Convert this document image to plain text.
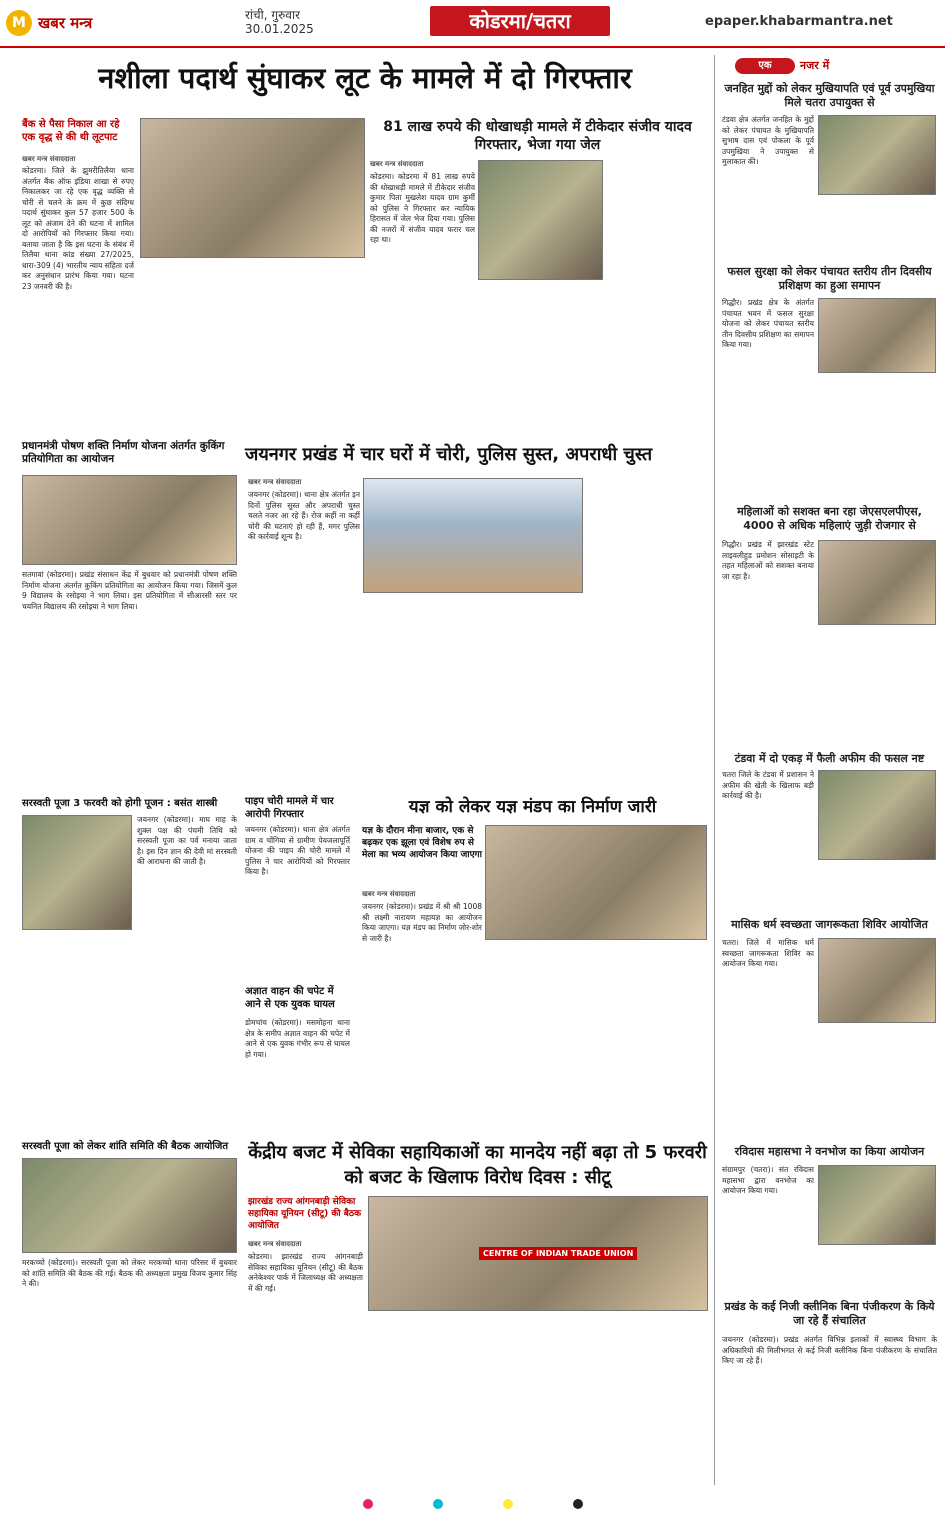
M खबर मन्त्र	रांची, गुरुवार
30.01.2025	कोडरमा/चतरा	epaper.khabarmantra.net
नशीला पदार्थ सुंघाकर लूट के मामले में दो गिरफ्तार
बैंक से पैसा निकाल आ रहे एक वृद्ध से की थी लूटपाट
खबर मन्त्र संवाददाता
कोडरमा। जिले के झुमरीतिलैया थाना अंतर्गत बैंक ऑफ इंडिया शाखा से रुपए निकालकर जा रहे एक वृद्ध व्यक्ति से चोरी से चलने के क्रम में कुछ संदिग्ध पदार्थ सुंघाकर कुल 57 हजार 500 के लूट को अंजाम देने की घटना में शामिल दो आरोपियों को गिरफ्तार किया गया। बताया जाता है कि इस घटना के संबंध में तिलैया थाना कांड संख्या 27/2025, धारा-309 (4) भारतीय न्याय संहिता दर्ज कर अनुसंधान प्रारंभ किया गया। घटना 23 जनवरी की है।
81 लाख रुपये की धोखाधड़ी मामले में टीकेदार संजीव यादव गिरफ्तार, भेजा गया जेल
खबर मन्त्र संवाददाता
कोडरमा। कोडरमा में 81 लाख रुपये की धोखाधड़ी मामले में टीकेदार संजीव कुमार पिता मुखलेश यादव ग्राम कुर्मी को पुलिस ने गिरफ्तार कर न्यायिक हिरासत में जेल भेज दिया गया। पुलिस की नजरों में संजीव यादव फरार चल रहा था।
प्रधानमंत्री पोषण शक्ति निर्माण योजना अंतर्गत कुकिंग प्रतियोगिता का आयोजन
सतगावां (कोडरमा)। प्रखंड संसाधन केंद्र में बुधवार को प्रधानमंत्री पोषण शक्ति निर्माण योजना अंतर्गत कुकिंग प्रतियोगिता का आयोजन किया गया। जिसमें कुल 9 विद्यालय के रसोइया ने भाग लिया। इस प्रतियोगिता में सीआरसी स्तर पर चयनित विद्यालय की रसोइया ने भाग लिया।
जयनगर प्रखंड में चार घरों में चोरी, पुलिस सुस्त, अपराधी चुस्त
खबर मन्त्र संवाददाता
जयनगर (कोडरमा)। थाना क्षेत्र अंतर्गत इन दिनों पुलिस सुस्त और अपराधी चुस्त चलते नजर आ रहे हैं। रोज कहीं ना कहीं चोरी की घटनाएं हो रही हैं, मगर पुलिस की कार्रवाई शून्य है।
सरस्वती पूजा 3 फरवरी को होगी पूजन : बसंत शास्त्री
जयनगर (कोडरमा)। माघ माह के शुक्ल पक्ष की पंचमी तिथि को सरस्वती पूजा का पर्व मनाया जाता है। इस दिन ज्ञान की देवी मां सरस्वती की आराधना की जाती है।
पाइप चोरी मामले में चार आरोपी गिरफ्तार
जयनगर (कोडरमा)। थाना क्षेत्र अंतर्गत ग्राम व चोंगिया से ग्रामीण पेयजलापूर्ति योजना की पाइप की चोरी मामले में पुलिस ने चार आरोपियों को गिरफ्तार किया है।
अज्ञात वाहन की चपेट में आने से एक युवक घायल
डोमचांच (कोडरमा)। मसमोहना थाना क्षेत्र के समीप अज्ञात वाहन की चपेट में आने से एक युवक गंभीर रूप से घायल हो गया।
यज्ञ को लेकर यज्ञ मंडप का निर्माण जारी
यज्ञ के दौरान मीना बाजार, एक से बढ़कर एक झूला एवं विशेष रुप से मेला का भव्य आयोजन किया जाएगा
खबर मन्त्र संवाददाता
जयनगर (कोडरमा)। प्रखंड में श्री श्री 1008 श्री लक्ष्मी नारायण महायज्ञ का आयोजन किया जाएगा। यज्ञ मंडप का निर्माण जोर-शोर से जारी है।
सरस्वती पूजा को लेकर शांति समिति की बैठक आयोजित
मरकच्चो (कोडरमा)। सरस्वती पूजा को लेकर मरकच्चो थाना परिसर में बुधवार को शांति समिति की बैठक की गई। बैठक की अध्यक्षता प्रमुख विजय कुमार सिंह ने की।
केंद्रीय बजट में सेविका सहायिकाओं का मानदेय नहीं बढ़ा तो 5 फरवरी को बजट के खिलाफ विरोध दिवस : सीटू
झारखंड राज्य आंगनबाड़ी सेविका सहायिका यूनियन (सीटू) की बैठक आयोजित
खबर मन्त्र संवाददाता
कोडरमा। झारखंड राज्य आंगनबाड़ी सेविका सहायिका यूनियन (सीटू) की बैठक अनेकेश्वर पार्क में जिलाध्यक्ष की अध्यक्षता में की गई।
CENTRE OF INDIAN TRADE UNION
एक	नजर में
जनहित मुद्दों को लेकर मुखियापति एवं पूर्व उपमुखिया मिले चतरा उपायुक्त से
टंडवा क्षेत्र अंतर्गत जनहित के मुद्दों को लेकर पंचायत के मुखियापति सुभाष दास एवं पोकला के पूर्व उपमुखिया ने उपायुक्त से मुलाकात की।
फसल सुरक्षा को लेकर पंचायत स्तरीय तीन दिवसीय प्रशिक्षण का हुआ समापन
गिद्धौर। प्रखंड क्षेत्र के अंतर्गत पंचायत भवन में फसल सुरक्षा योजना को लेकर पंचायत स्तरीय तीन दिवसीय प्रशिक्षण का समापन किया गया।
महिलाओं को सशक्त बना रहा जेएसएलपीएस, 4000 से अधिक महिलाएं जुड़ी रोजगार से
गिद्धौर। प्रखंड में झारखंड स्टेट लाइवलीहुड प्रमोशन सोसाइटी के तहत महिलाओं को सशक्त बनाया जा रहा है।
टंडवा में दो एकड़ में फैली अफीम की फसल नष्ट
चतरा जिले के टंडवा में प्रशासन ने अफीम की खेती के खिलाफ बड़ी कार्रवाई की है।
मासिक धर्म स्वच्छता जागरूकता शिविर आयोजित
चतरा। जिले में मासिक धर्म स्वच्छता जागरूकता शिविर का आयोजन किया गया।
रविदास महासभा ने वनभोज का किया आयोजन
संग्रामपुर (चतरा)। संत रविदास महासभा द्वारा वनभोज का आयोजन किया गया।
प्रखंड के कई निजी क्लीनिक बिना पंजीकरण के किये जा रहे हैं संचालित
जयनगर (कोडरमा)। प्रखंड अंतर्गत विभिन्न इलाकों में स्वास्थ्य विभाग के अधिकारियों की मिलीभगत से कई निजी क्लीनिक बिना पंजीकरण के संचालित किए जा रहे हैं।
